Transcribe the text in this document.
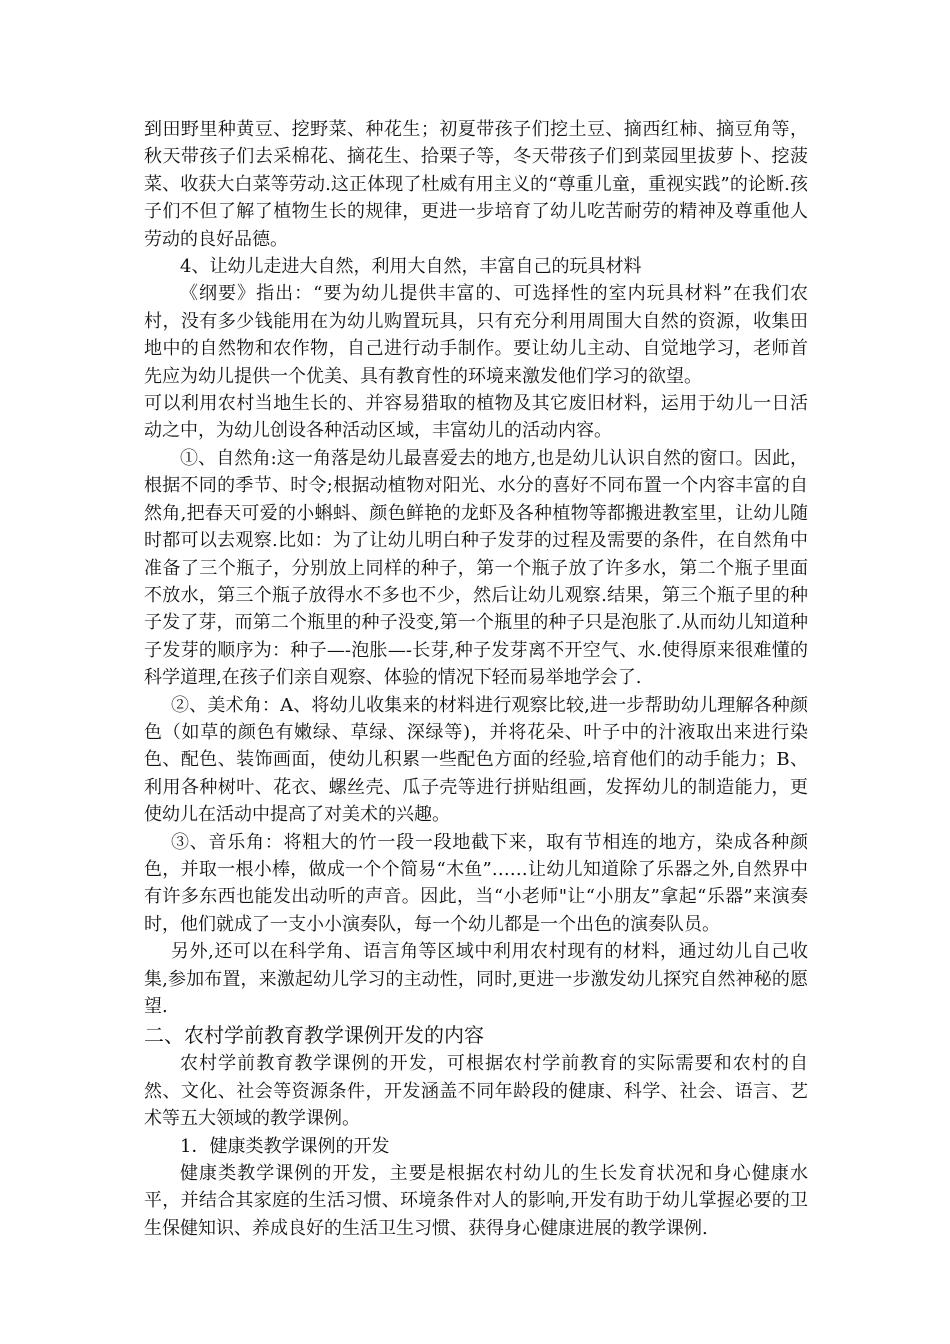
到田野里种黄豆、挖野菜、种花生；初夏带孩子们挖土豆、摘西红柿、摘豆角等，秋天带孩子们去采棉花、摘花生、拾栗子等，冬天带孩子们到菜园里拔萝卜、挖菠菜、收获大白菜等劳动.这正体现了杜威有用主义的“尊重儿童，重视实践”的论断.孩子们不但了解了植物生长的规律，更进一步培育了幼儿吃苦耐劳的精神及尊重他人劳动的良好品德。

4、让幼儿走进大自然，利用大自然，丰富自己的玩具材料

《纲要》指出：“要为幼儿提供丰富的、可选择性的室内玩具材料”在我们农村，没有多少钱能用在为幼儿购置玩具，只有充分利用周围大自然的资源，收集田地中的自然物和农作物，自己进行动手制作。要让幼儿主动、自觉地学习，老师首先应为幼儿提供一个优美、具有教育性的环境来激发他们学习的欲望。

可以利用农村当地生长的、并容易猎取的植物及其它废旧材料，运用于幼儿一日活动之中，为幼儿创设各种活动区域，丰富幼儿的活动内容。

①、自然角:这一角落是幼儿最喜爱去的地方,也是幼儿认识自然的窗口。因此，根据不同的季节、时令;根据动植物对阳光、水分的喜好不同布置一个内容丰富的自然角,把春天可爱的小蝌蚪、颜色鲜艳的龙虾及各种植物等都搬进教室里，让幼儿随时都可以去观察.比如：为了让幼儿明白种子发芽的过程及需要的条件，在自然角中准备了三个瓶子，分别放上同样的种子，第一个瓶子放了许多水，第二个瓶子里面不放水，第三个瓶子放得水不多也不少，然后让幼儿观察.结果，第三个瓶子里的种子发了芽，而第二个瓶里的种子没变,第一个瓶里的种子只是泡胀了.从而幼儿知道种子发芽的顺序为：种子—-泡胀—-长芽,种子发芽离不开空气、水.使得原来很难懂的科学道理,在孩子们亲自观察、体验的情况下轻而易举地学会了.

②、美术角：A、将幼儿收集来的材料进行观察比较,进一步帮助幼儿理解各种颜色（如草的颜色有嫩绿、草绿、深绿等)，并将花朵、叶子中的汁液取出来进行染色、配色、装饰画面，使幼儿积累一些配色方面的经验,培育他们的动手能力；B、利用各种树叶、花衣、螺丝壳、瓜子壳等进行拼贴组画，发挥幼儿的制造能力，更使幼儿在活动中提高了对美术的兴趣。

③、音乐角：将粗大的竹一段一段地截下来，取有节相连的地方，染成各种颜色，并取一根小棒，做成一个个简易“木鱼”……让幼儿知道除了乐器之外,自然界中有许多东西也能发出动听的声音。因此，当“小老师"让“小朋友”拿起“乐器”来演奏时，他们就成了一支小小演奏队，每一个幼儿都是一个出色的演奏队员。

另外,还可以在科学角、语言角等区域中利用农村现有的材料，通过幼儿自己收集,参加布置，来激起幼儿学习的主动性，同时,更进一步激发幼儿探究自然神秘的愿望.

二、农村学前教育教学课例开发的内容

农村学前教育教学课例的开发，可根据农村学前教育的实际需要和农村的自然、文化、社会等资源条件，开发涵盖不同年龄段的健康、科学、社会、语言、艺术等五大领域的教学课例。

1．健康类教学课例的开发

健康类教学课例的开发，主要是根据农村幼儿的生长发育状况和身心健康水平，并结合其家庭的生活习惯、环境条件对人的影响,开发有助于幼儿掌握必要的卫生保健知识、养成良好的生活卫生习惯、获得身心健康进展的教学课例.
